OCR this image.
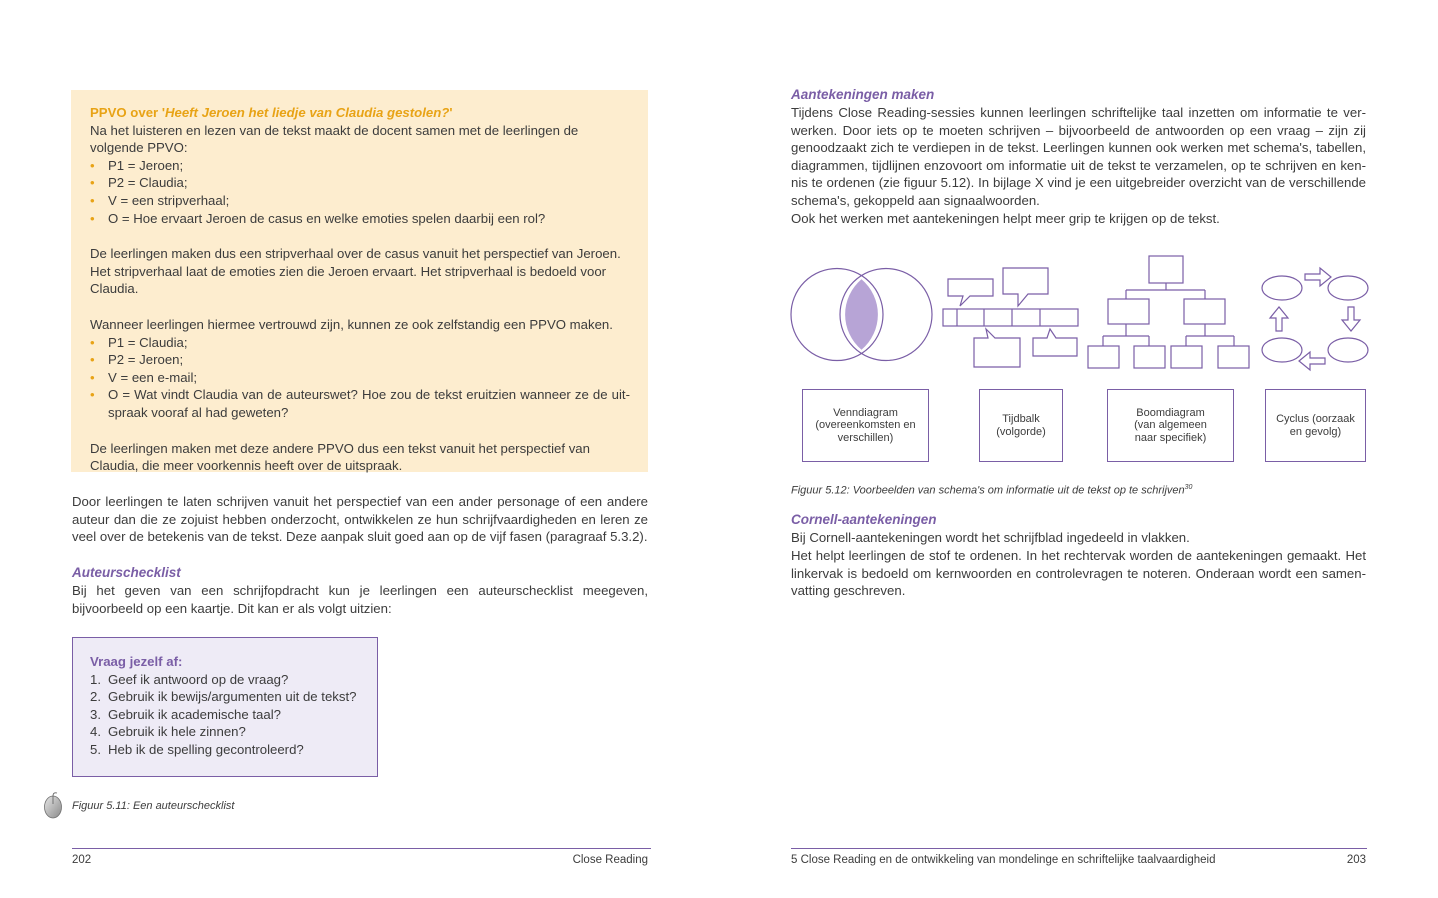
PPVO over 'Heeft Jeroen het liedje van Claudia gestolen?'

Na het luisteren en lezen van de tekst maakt de docent samen met de leerlingen de volgende PPVO:

• P1 = Jeroen;
• P2 = Claudia;
• V = een stripverhaal;
• O = Hoe ervaart Jeroen de casus en welke emoties spelen daarbij een rol?

De leerlingen maken dus een stripverhaal over de casus vanuit het perspectief van Jeroen. Het stripverhaal laat de emoties zien die Jeroen ervaart. Het stripverhaal is bedoeld voor Claudia.

Wanneer leerlingen hiermee vertrouwd zijn, kunnen ze ook zelfstandig een PPVO maken.

• P1 = Claudia;
• P2 = Jeroen;
• V = een e-mail;
• O = Wat vindt Claudia van de auteurswet? Hoe zou de tekst eruitzien wanneer ze de uitspraak vooraf al had geweten?

De leerlingen maken met deze andere PPVO dus een tekst vanuit het perspectief van Claudia, die meer voorkennis heeft over de uitspraak.

Door leerlingen te laten schrijven vanuit het perspectief van een ander personage of een andere auteur dan die ze zojuist hebben onderzocht, ontwikkelen ze hun schrijfvaardigheden en leren ze veel over de betekenis van de tekst. Deze aanpak sluit goed aan op de vijf fasen (paragraaf 5.3.2).
Auteurschecklist
Bij het geven van een schrijfopdracht kun je leerlingen een auteurschecklist meegeven, bijvoorbeeld op een kaartje. Dit kan er als volgt uitzien:
Vraag jezelf af:
1. Geef ik antwoord op de vraag?
2. Gebruik ik bewijs/argumenten uit de tekst?
3. Gebruik ik academische taal?
4. Gebruik ik hele zinnen?
5. Heb ik de spelling gecontroleerd?
Figuur 5.11: Een auteurschecklist
202	Close Reading
Aantekeningen maken
Tijdens Close Reading-sessies kunnen leerlingen schriftelijke taal inzetten om informatie te verwerken. Door iets op te moeten schrijven – bijvoorbeeld de antwoorden op een vraag – zijn zij genoodzaakt zich te verdiepen in de tekst. Leerlingen kunnen ook werken met schema's, tabellen, diagrammen, tijdlijnen enzovoort om informatie uit de tekst te verzamelen, op te schrijven en kennis te ordenen (zie figuur 5.12). In bijlage X vind je een uitgebreider overzicht van de verschillende schema's, gekoppeld aan signaalwoorden.
Ook het werken met aantekeningen helpt meer grip te krijgen op de tekst.
Venndiagram
(overeenkomsten en
verschillen)
Tijdbalk
(volgorde)
Boomdiagram
(van algemeen
naar specifiek)
Cyclus (oorzaak
en gevolg)
Figuur 5.12: Voorbeelden van schema's om informatie uit de tekst op te schrijven$^{30}$
Cornell-aantekeningen
Bij Cornell-aantekeningen wordt het schrijfblad ingedeeld in vlakken.
Het helpt leerlingen de stof te ordenen. In het rechtervak worden de aantekeningen gemaakt. Het linkervak is bedoeld om kernwoorden en controlevragen te noteren. Onderaan wordt een samenvatting geschreven.
5 Close Reading en de ontwikkeling van mondelinge en schriftelijke taalvaardigheid	203
